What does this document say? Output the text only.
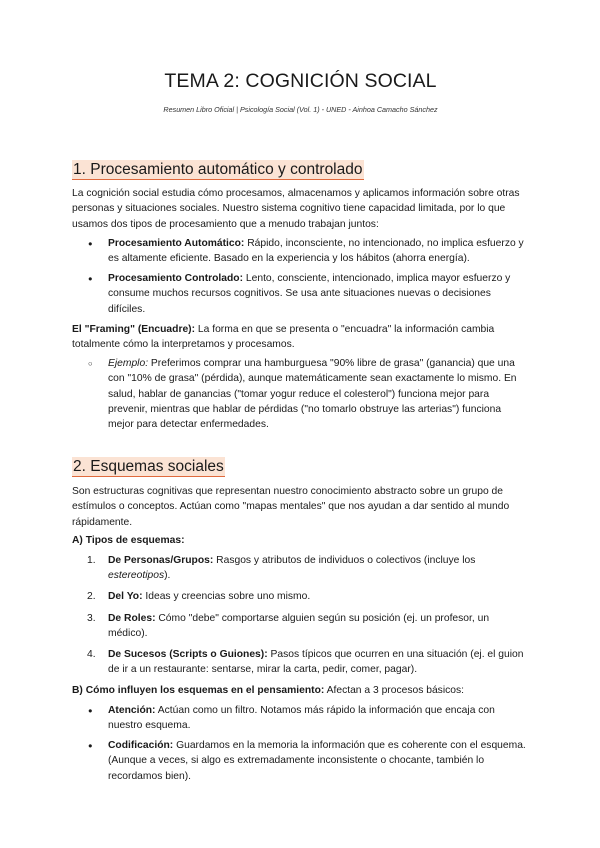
TEMA 2: COGNICIÓN SOCIAL

Resumen Libro Oficial | Psicología Social (Vol. 1) - UNED - Ainhoa Camacho Sánchez

1. Procesamiento automático y controlado

La cognición social estudia cómo procesamos, almacenamos y aplicamos información sobre otras personas y situaciones sociales. Nuestro sistema cognitivo tiene capacidad limitada, por lo que usamos dos tipos de procesamiento que a menudo trabajan juntos:

● Procesamiento Automático: Rápido, inconsciente, no intencionado, no implica esfuerzo y es altamente eficiente. Basado en la experiencia y los hábitos (ahorra energía).
● Procesamiento Controlado: Lento, consciente, intencionado, implica mayor esfuerzo y consume muchos recursos cognitivos. Se usa ante situaciones nuevas o decisiones difíciles.

El "Framing" (Encuadre): La forma en que se presenta o "encuadra" la información cambia totalmente cómo la interpretamos y procesamos.

○ Ejemplo: Preferimos comprar una hamburguesa "90% libre de grasa" (ganancia) que una con "10% de grasa" (pérdida), aunque matemáticamente sean exactamente lo mismo. En salud, hablar de ganancias ("tomar yogur reduce el colesterol") funciona mejor para prevenir, mientras que hablar de pérdidas ("no tomarlo obstruye las arterias") funciona mejor para detectar enfermedades.
2. Esquemas sociales

Son estructuras cognitivas que representan nuestro conocimiento abstracto sobre un grupo de estímulos o conceptos. Actúan como "mapas mentales" que nos ayudan a dar sentido al mundo rápidamente.

A) Tipos de esquemas:

1. De Personas/Grupos: Rasgos y atributos de individuos o colectivos (incluye los estereotipos).
2. Del Yo: Ideas y creencias sobre uno mismo.
3. De Roles: Cómo "debe" comportarse alguien según su posición (ej. un profesor, un médico).
4. De Sucesos (Scripts o Guiones): Pasos típicos que ocurren en una situación (ej. el guion de ir a un restaurante: sentarse, mirar la carta, pedir, comer, pagar).

B) Cómo influyen los esquemas en el pensamiento: Afectan a 3 procesos básicos:

● Atención: Actúan como un filtro. Notamos más rápido la información que encaja con nuestro esquema.
● Codificación: Guardamos en la memoria la información que es coherente con el esquema. (Aunque a veces, si algo es extremadamente inconsistente o chocante, también lo recordamos bien).
